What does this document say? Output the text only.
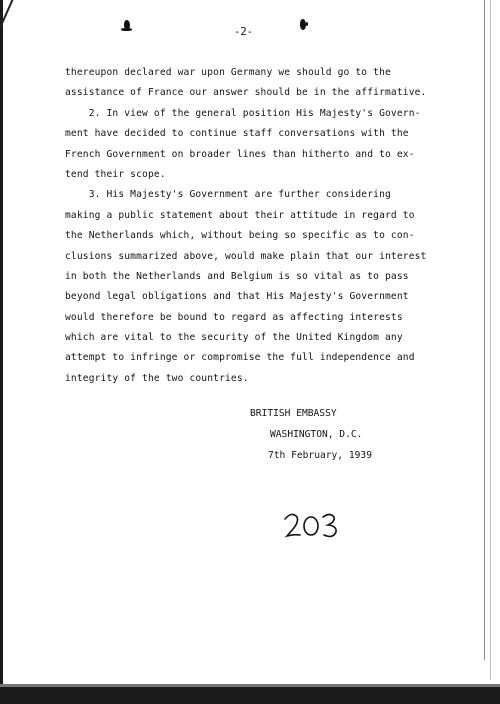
-2-
thereupon declared war upon Germany we should go to the
assistance of France our answer should be in the affirmative.
2. In view of the general position His Majesty's Govern-
ment have decided to continue staff conversations with the
French Government on broader lines than hitherto and to ex-
tend their scope.
3. His Majesty's Government are further considering
making a public statement about their attitude in regard to
the Netherlands which, without being so specific as to con-
clusions summarized above, would make plain that our interest
in both the Netherlands and Belgium is so vital as to pass
beyond legal obligations and that His Majesty's Government
would therefore be bound to regard as affecting interests
which are vital to the security of the United Kingdom any
attempt to infringe or compromise the full independence and
integrity of the two countries.
BRITISH EMBASSY
WASHINGTON, D.C.
7th February, 1939
